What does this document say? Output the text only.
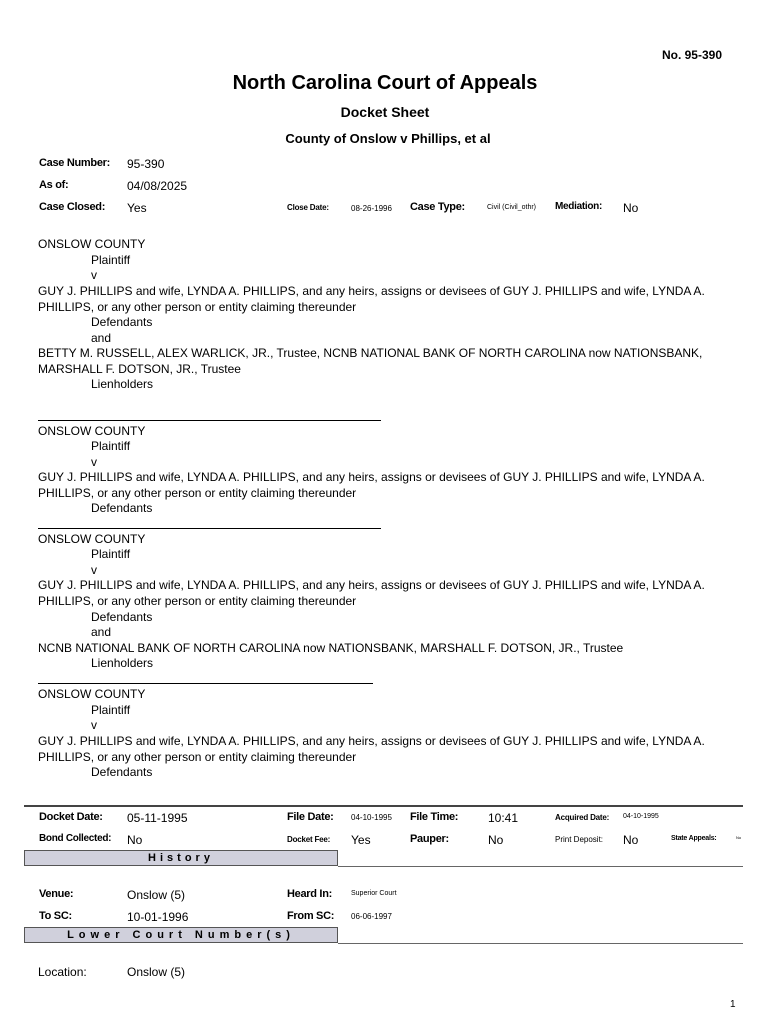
No. 95-390
North Carolina Court of Appeals
Docket Sheet
County of Onslow v Phillips, et al
Case Number: 95-390
As of:	04/08/2025
Case Closed: Yes	Close Date:	08-26-1996 Case Type:	Civil (Civil_othr) Mediation: No
ONSLOW COUNTY
Plaintiff
v
GUY J. PHILLIPS and wife, LYNDA A. PHILLIPS, and any heirs, assigns or devisees of GUY J. PHILLIPS and wife, LYNDA A. PHILLIPS, or any other person or entity claiming thereunder
Defendants
and
BETTY M. RUSSELL, ALEX WARLICK, JR., Trustee, NCNB NATIONAL BANK OF NORTH CAROLINA now NATIONSBANK, MARSHALL F. DOTSON, JR., Trustee
Lienholders
ONSLOW COUNTY
Plaintiff
v
GUY J. PHILLIPS and wife, LYNDA A. PHILLIPS, and any heirs, assigns or devisees of GUY J. PHILLIPS and wife, LYNDA A. PHILLIPS, or any other person or entity claiming thereunder
Defendants
ONSLOW COUNTY
Plaintiff
v
GUY J. PHILLIPS and wife, LYNDA A. PHILLIPS, and any heirs, assigns or devisees of GUY J. PHILLIPS and wife, LYNDA A. PHILLIPS, or any other person or entity claiming thereunder
Defendants
and
NCNB NATIONAL BANK OF NORTH CAROLINA now NATIONSBANK, MARSHALL F. DOTSON, JR., Trustee
Lienholders
ONSLOW COUNTY
Plaintiff
v
GUY J. PHILLIPS and wife, LYNDA A. PHILLIPS, and any heirs, assigns or devisees of GUY J. PHILLIPS and wife, LYNDA A. PHILLIPS, or any other person or entity claiming thereunder
Defendants
Docket Date: 05-11-1995	File Date: 04-10-1995 File Time: 10:41	Acquired Date: 04-10-1995
Bond Collected: No	Docket Fee: Yes	Pauper:	No	Print Deposit: No	State Appeals:	No
History
Venue:	Onslow (5)	Heard In:	Superior Court
To SC:	10-01-1996	From SC: 06-06-1997
Lower Court Number(s)
Location:	Onslow (5)
1
